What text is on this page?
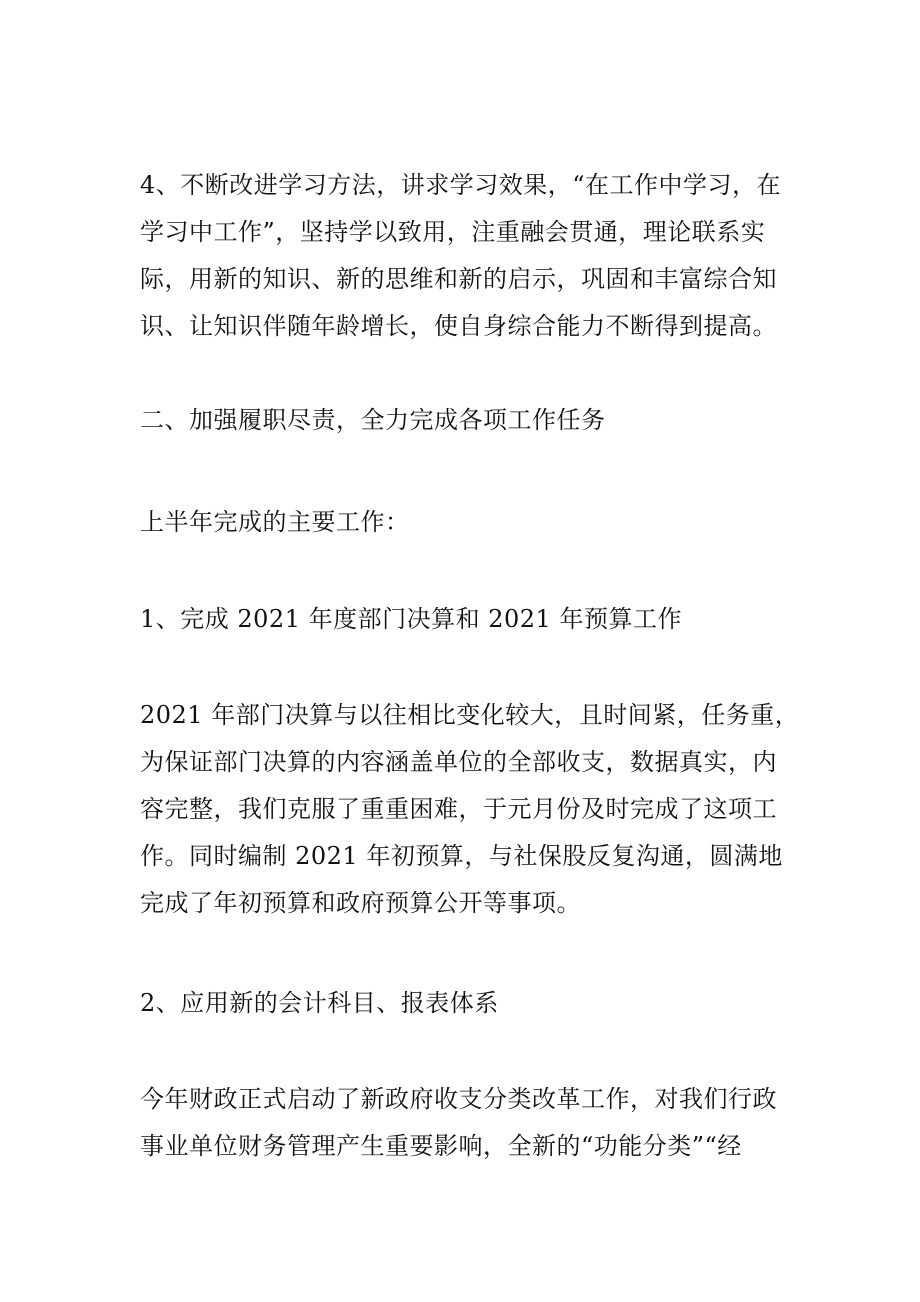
4、不断改进学习方法，讲求学习效果，“在工作中学习，在
学习中工作”，坚持学以致用，注重融会贯通，理论联系实
际，用新的知识、新的思维和新的启示，巩固和丰富综合知
识、让知识伴随年龄增长，使自身综合能力不断得到提高。
二、加强履职尽责，全力完成各项工作任务
上半年完成的主要工作：
1、完成 2021 年度部门决算和 2021 年预算工作
2021 年部门决算与以往相比变化较大，且时间紧，任务重，
为保证部门决算的内容涵盖单位的全部收支，数据真实，内
容完整，我们克服了重重困难，于元月份及时完成了这项工
作。同时编制 2021 年初预算，与社保股反复沟通，圆满地
完成了年初预算和政府预算公开等事项。
2、应用新的会计科目、报表体系
今年财政正式启动了新政府收支分类改革工作，对我们行政
事业单位财务管理产生重要影响，全新的“功能分类”“经
